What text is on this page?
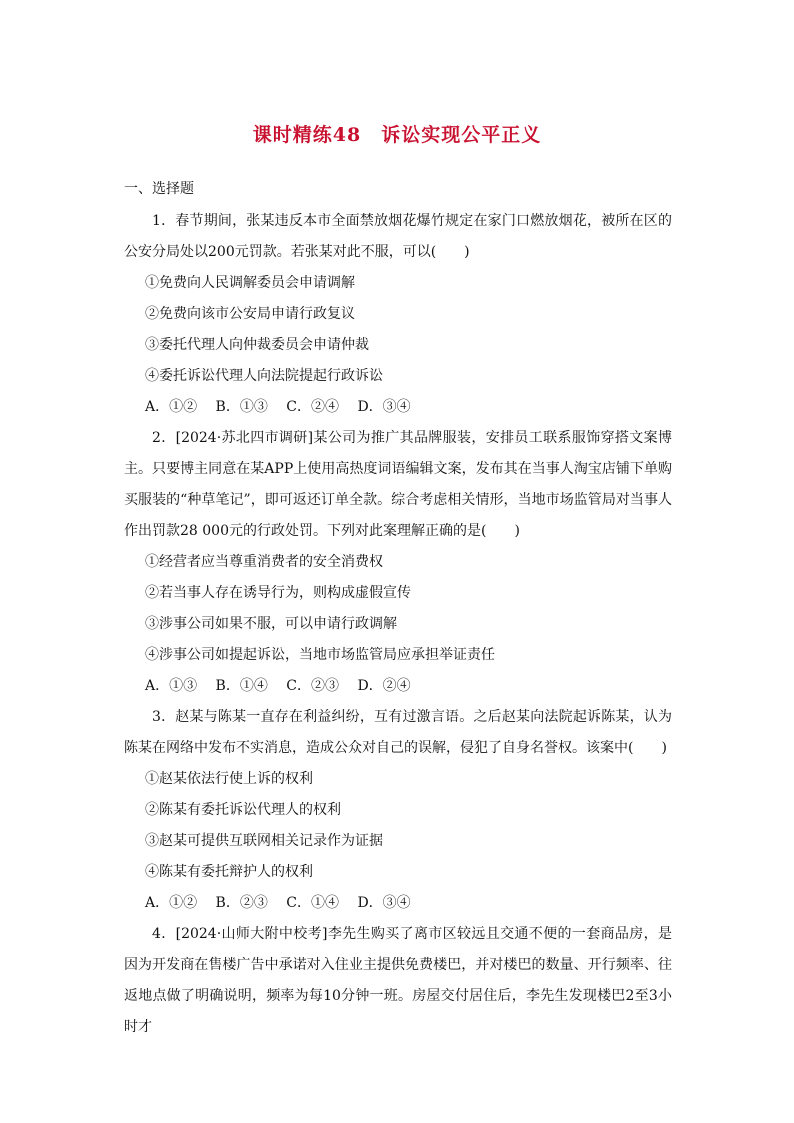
课时精练48　诉讼实现公平正义
一、选择题

1．春节期间，张某违反本市全面禁放烟花爆竹规定在家门口燃放烟花，被所在区的公安分局处以200元罚款。若张某对此不服，可以(　　)

①免费向人民调解委员会申请调解

②免费向该市公安局申请行政复议

③委托代理人向仲裁委员会申请仲裁

④委托诉讼代理人向法院提起行政诉讼

A．①②　 B．①③　 C．②④　 D．③④

2．[2024·苏北四市调研]某公司为推广其品牌服装，安排员工联系服饰穿搭文案博主。只要博主同意在某APP上使用高热度词语编辑文案，发布其在当事人淘宝店铺下单购买服装的“种草笔记”，即可返还订单全款。综合考虑相关情形，当地市场监管局对当事人作出罚款28 000元的行政处罚。下列对此案理解正确的是(　　)

①经营者应当尊重消费者的安全消费权

②若当事人存在诱导行为，则构成虚假宣传

③涉事公司如果不服，可以申请行政调解

④涉事公司如提起诉讼，当地市场监管局应承担举证责任

A．①③　 B．①④　 C．②③　 D．②④

3．赵某与陈某一直存在利益纠纷，互有过激言语。之后赵某向法院起诉陈某，认为陈某在网络中发布不实消息，造成公众对自己的误解，侵犯了自身名誉权。该案中(　　)

①赵某依法行使上诉的权利

②陈某有委托诉讼代理人的权利

③赵某可提供互联网相关记录作为证据

④陈某有委托辩护人的权利

A．①②　 B．②③　 C．①④　 D．③④

4．[2024·山师大附中校考]李先生购买了离市区较远且交通不便的一套商品房，是因为开发商在售楼广告中承诺对入住业主提供免费楼巴，并对楼巴的数量、开行频率、往返地点做了明确说明，频率为每10分钟一班。房屋交付居住后，李先生发现楼巴2至3小时才
